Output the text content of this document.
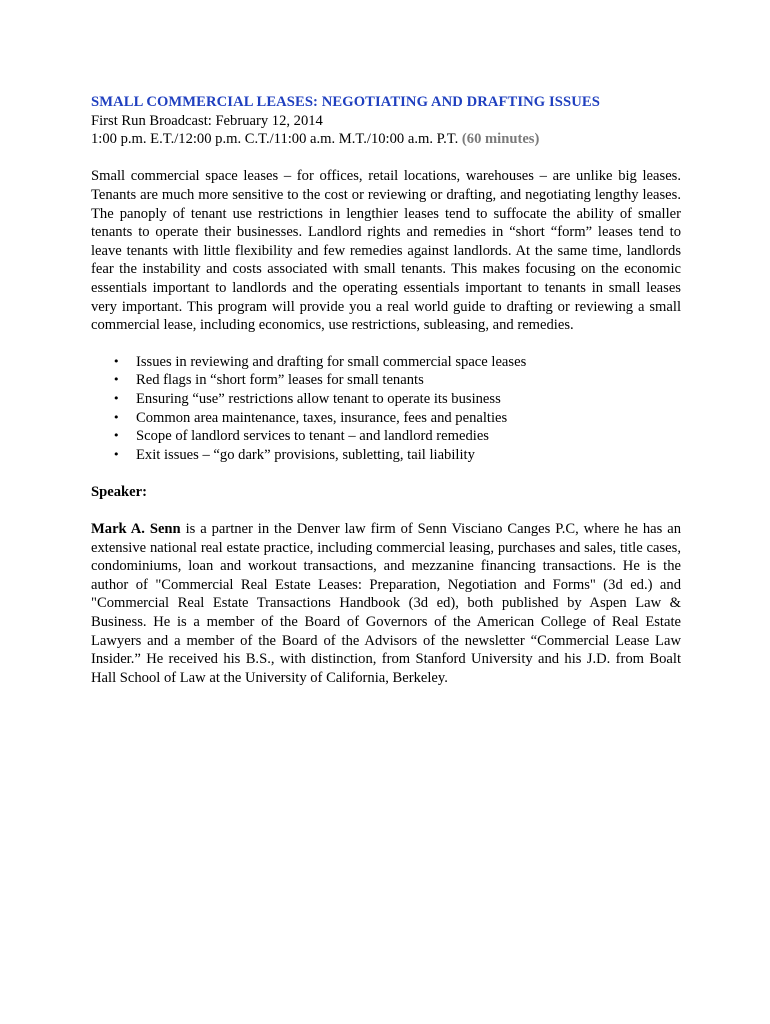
SMALL COMMERCIAL LEASES: NEGOTIATING AND DRAFTING ISSUES

First Run Broadcast: February 12, 2014

1:00 p.m. E.T./12:00 p.m. C.T./11:00 a.m. M.T./10:00 a.m. P.T. (60 minutes)

Small commercial space leases – for offices, retail locations, warehouses – are unlike big leases. Tenants are much more sensitive to the cost or reviewing or drafting, and negotiating lengthy leases. The panoply of tenant use restrictions in lengthier leases tend to suffocate the ability of smaller tenants to operate their businesses. Landlord rights and remedies in “short “form” leases tend to leave tenants with little flexibility and few remedies against landlords. At the same time, landlords fear the instability and costs associated with small tenants. This makes focusing on the economic essentials important to landlords and the operating essentials important to tenants in small leases very important. This program will provide you a real world guide to drafting or reviewing a small commercial lease, including economics, use restrictions, subleasing, and remedies.

• Issues in reviewing and drafting for small commercial space leases
• Red flags in “short form” leases for small tenants
• Ensuring “use” restrictions allow tenant to operate its business
• Common area maintenance, taxes, insurance, fees and penalties
• Scope of landlord services to tenant – and landlord remedies
• Exit issues – “go dark” provisions, subletting, tail liability
Speaker:

Mark A. Senn is a partner in the Denver law firm of Senn Visciano Canges P.C, where he has an extensive national real estate practice, including commercial leasing, purchases and sales, title cases, condominiums, loan and workout transactions, and mezzanine financing transactions. He is the author of "Commercial Real Estate Leases: Preparation, Negotiation and Forms" (3d ed.) and "Commercial Real Estate Transactions Handbook (3d ed), both published by Aspen Law & Business. He is a member of the Board of Governors of the American College of Real Estate Lawyers and a member of the Board of the Advisors of the newsletter “Commercial Lease Law Insider.” He received his B.S., with distinction, from Stanford University and his J.D. from Boalt Hall School of Law at the University of California, Berkeley.
